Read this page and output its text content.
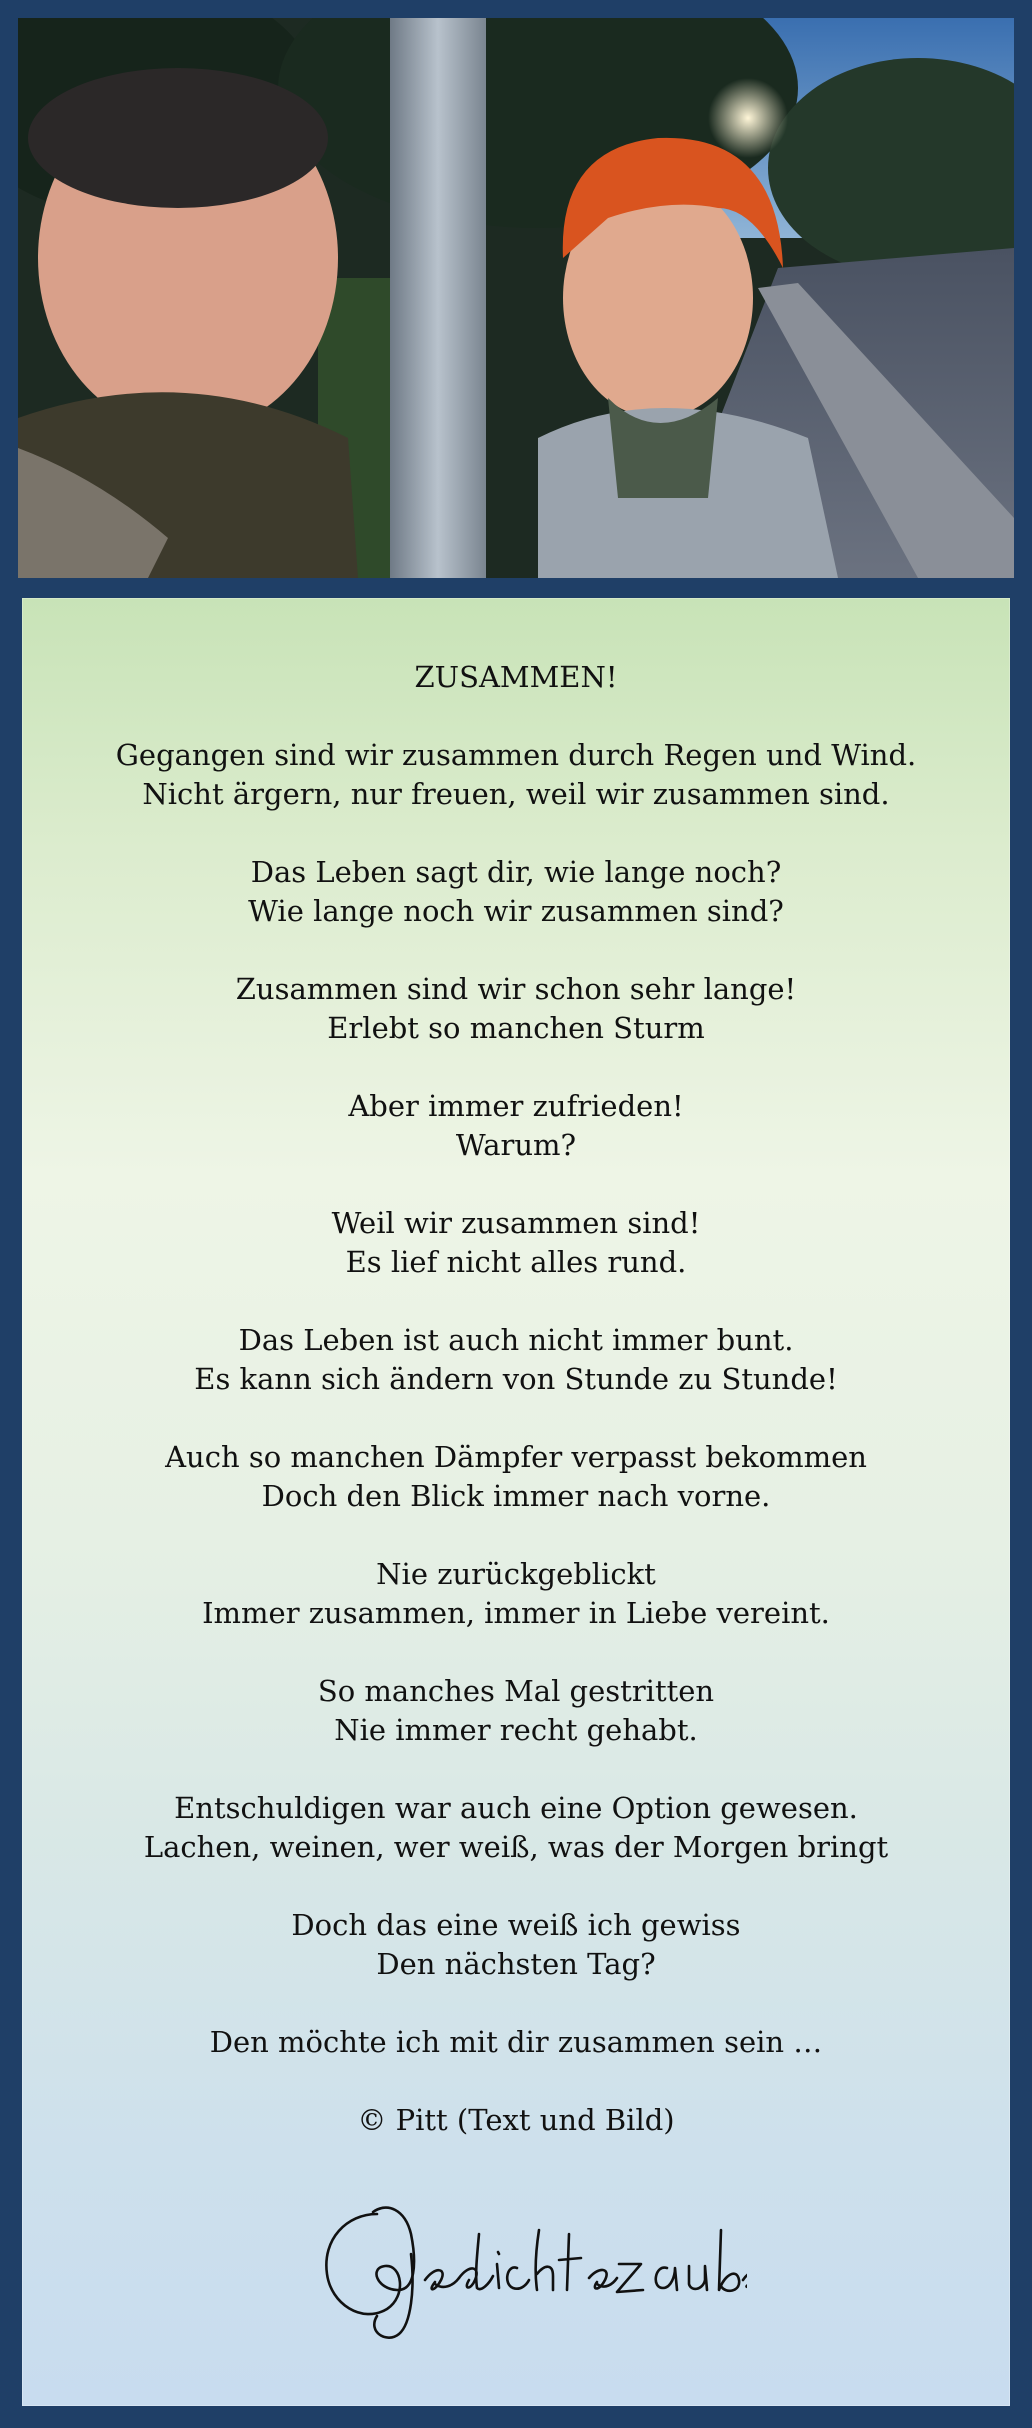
ZUSAMMEN!

Gegangen sind wir zusammen durch Regen und Wind.

Nicht ärgern, nur freuen, weil wir zusammen sind.

Das Leben sagt dir, wie lange noch?

Wie lange noch wir zusammen sind?

Zusammen sind wir schon sehr lange!

Erlebt so manchen Sturm

Aber immer zufrieden!

Warum?

Weil wir zusammen sind!

Es lief nicht alles rund.

Das Leben ist auch nicht immer bunt.

Es kann sich ändern von Stunde zu Stunde!

Auch so manchen Dämpfer verpasst bekommen

Doch den Blick immer nach vorne.

Nie zurückgeblickt

Immer zusammen, immer in Liebe vereint.

So manches Mal gestritten

Nie immer recht gehabt.

Entschuldigen war auch eine Option gewesen.

Lachen, weinen, wer weiß, was der Morgen bringt

Doch das eine weiß ich gewiss

Den nächsten Tag?

Den möchte ich mit dir zusammen sein …

© Pitt (Text und Bild)
